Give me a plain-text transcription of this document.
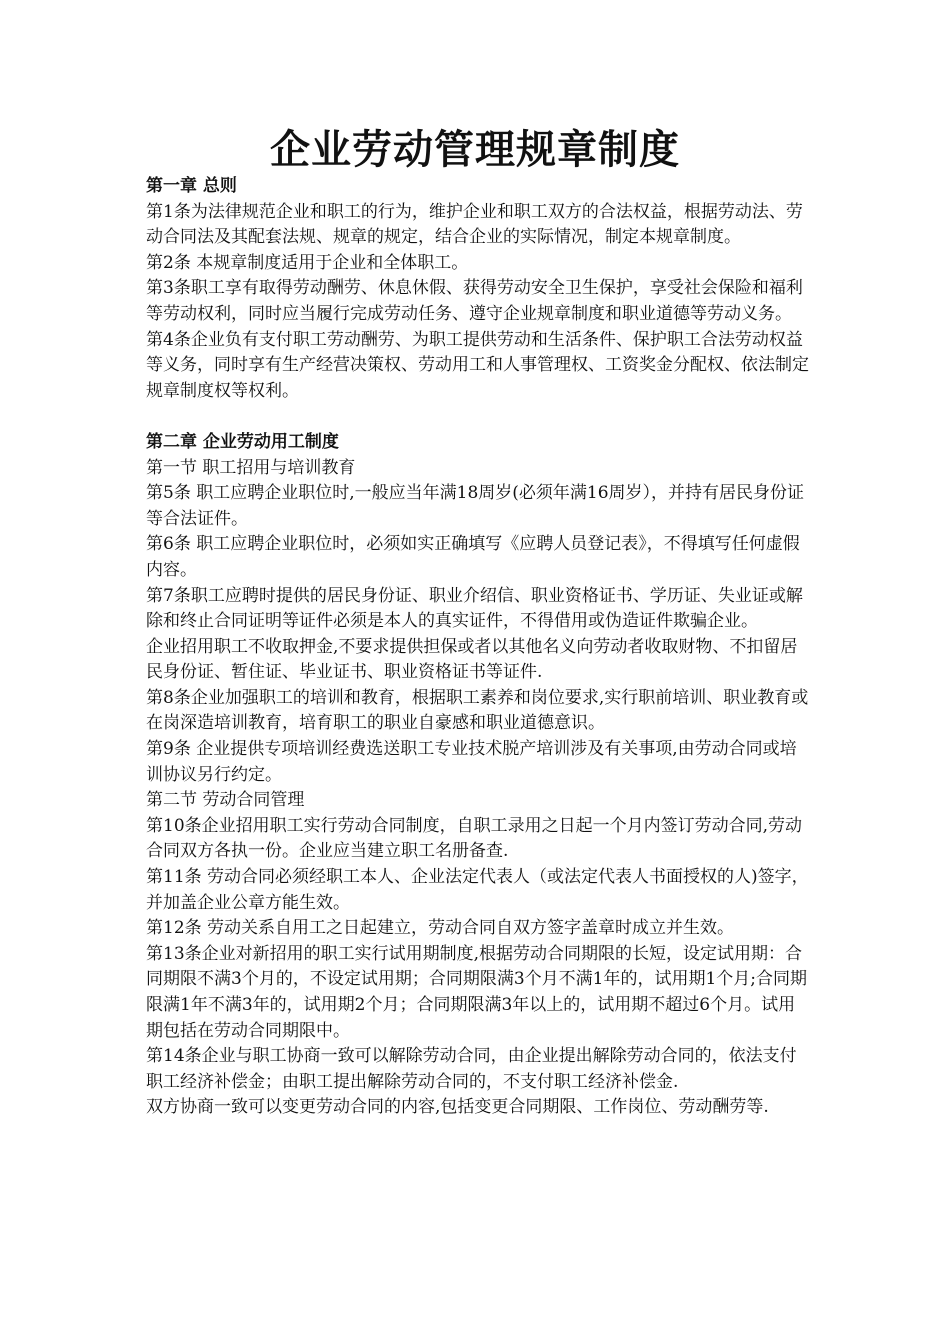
企业劳动管理规章制度

第一章 总则

第1条为法律规范企业和职工的行为，维护企业和职工双方的合法权益，根据劳动法、劳动合同法及其配套法规、规章的规定，结合企业的实际情况，制定本规章制度。

第2条 本规章制度适用于企业和全体职工。

第3条职工享有取得劳动酬劳、休息休假、获得劳动安全卫生保护，享受社会保险和福利等劳动权利，同时应当履行完成劳动任务、遵守企业规章制度和职业道德等劳动义务。

第4条企业负有支付职工劳动酬劳、为职工提供劳动和生活条件、保护职工合法劳动权益等义务，同时享有生产经营决策权、劳动用工和人事管理权、工资奖金分配权、依法制定规章制度权等权利。

第二章 企业劳动用工制度

第一节 职工招用与培训教育

第5条 职工应聘企业职位时,一般应当年满18周岁(必须年满16周岁），并持有居民身份证等合法证件。

第6条 职工应聘企业职位时，必须如实正确填写《应聘人员登记表》，不得填写任何虚假内容。

第7条职工应聘时提供的居民身份证、职业介绍信、职业资格证书、学历证、失业证或解除和终止合同证明等证件必须是本人的真实证件，不得借用或伪造证件欺骗企业。

企业招用职工不收取押金,不要求提供担保或者以其他名义向劳动者收取财物、不扣留居民身份证、暂住证、毕业证书、职业资格证书等证件.

第8条企业加强职工的培训和教育，根据职工素养和岗位要求,实行职前培训、职业教育或在岗深造培训教育，培育职工的职业自豪感和职业道德意识。

第9条 企业提供专项培训经费选送职工专业技术脱产培训涉及有关事项,由劳动合同或培训协议另行约定。

第二节 劳动合同管理

第10条企业招用职工实行劳动合同制度，自职工录用之日起一个月内签订劳动合同,劳动合同双方各执一份。企业应当建立职工名册备查.

第11条 劳动合同必须经职工本人、企业法定代表人（或法定代表人书面授权的人)签字，并加盖企业公章方能生效。

第12条 劳动关系自用工之日起建立，劳动合同自双方签字盖章时成立并生效。

第13条企业对新招用的职工实行试用期制度,根据劳动合同期限的长短，设定试用期：合同期限不满3个月的，不设定试用期；合同期限满3个月不满1年的，试用期1个月;合同期限满1年不满3年的，试用期2个月；合同期限满3年以上的，试用期不超过6个月。试用期包括在劳动合同期限中。

第14条企业与职工协商一致可以解除劳动合同，由企业提出解除劳动合同的，依法支付职工经济补偿金；由职工提出解除劳动合同的，不支付职工经济补偿金.

双方协商一致可以变更劳动合同的内容,包括变更合同期限、工作岗位、劳动酬劳等.
